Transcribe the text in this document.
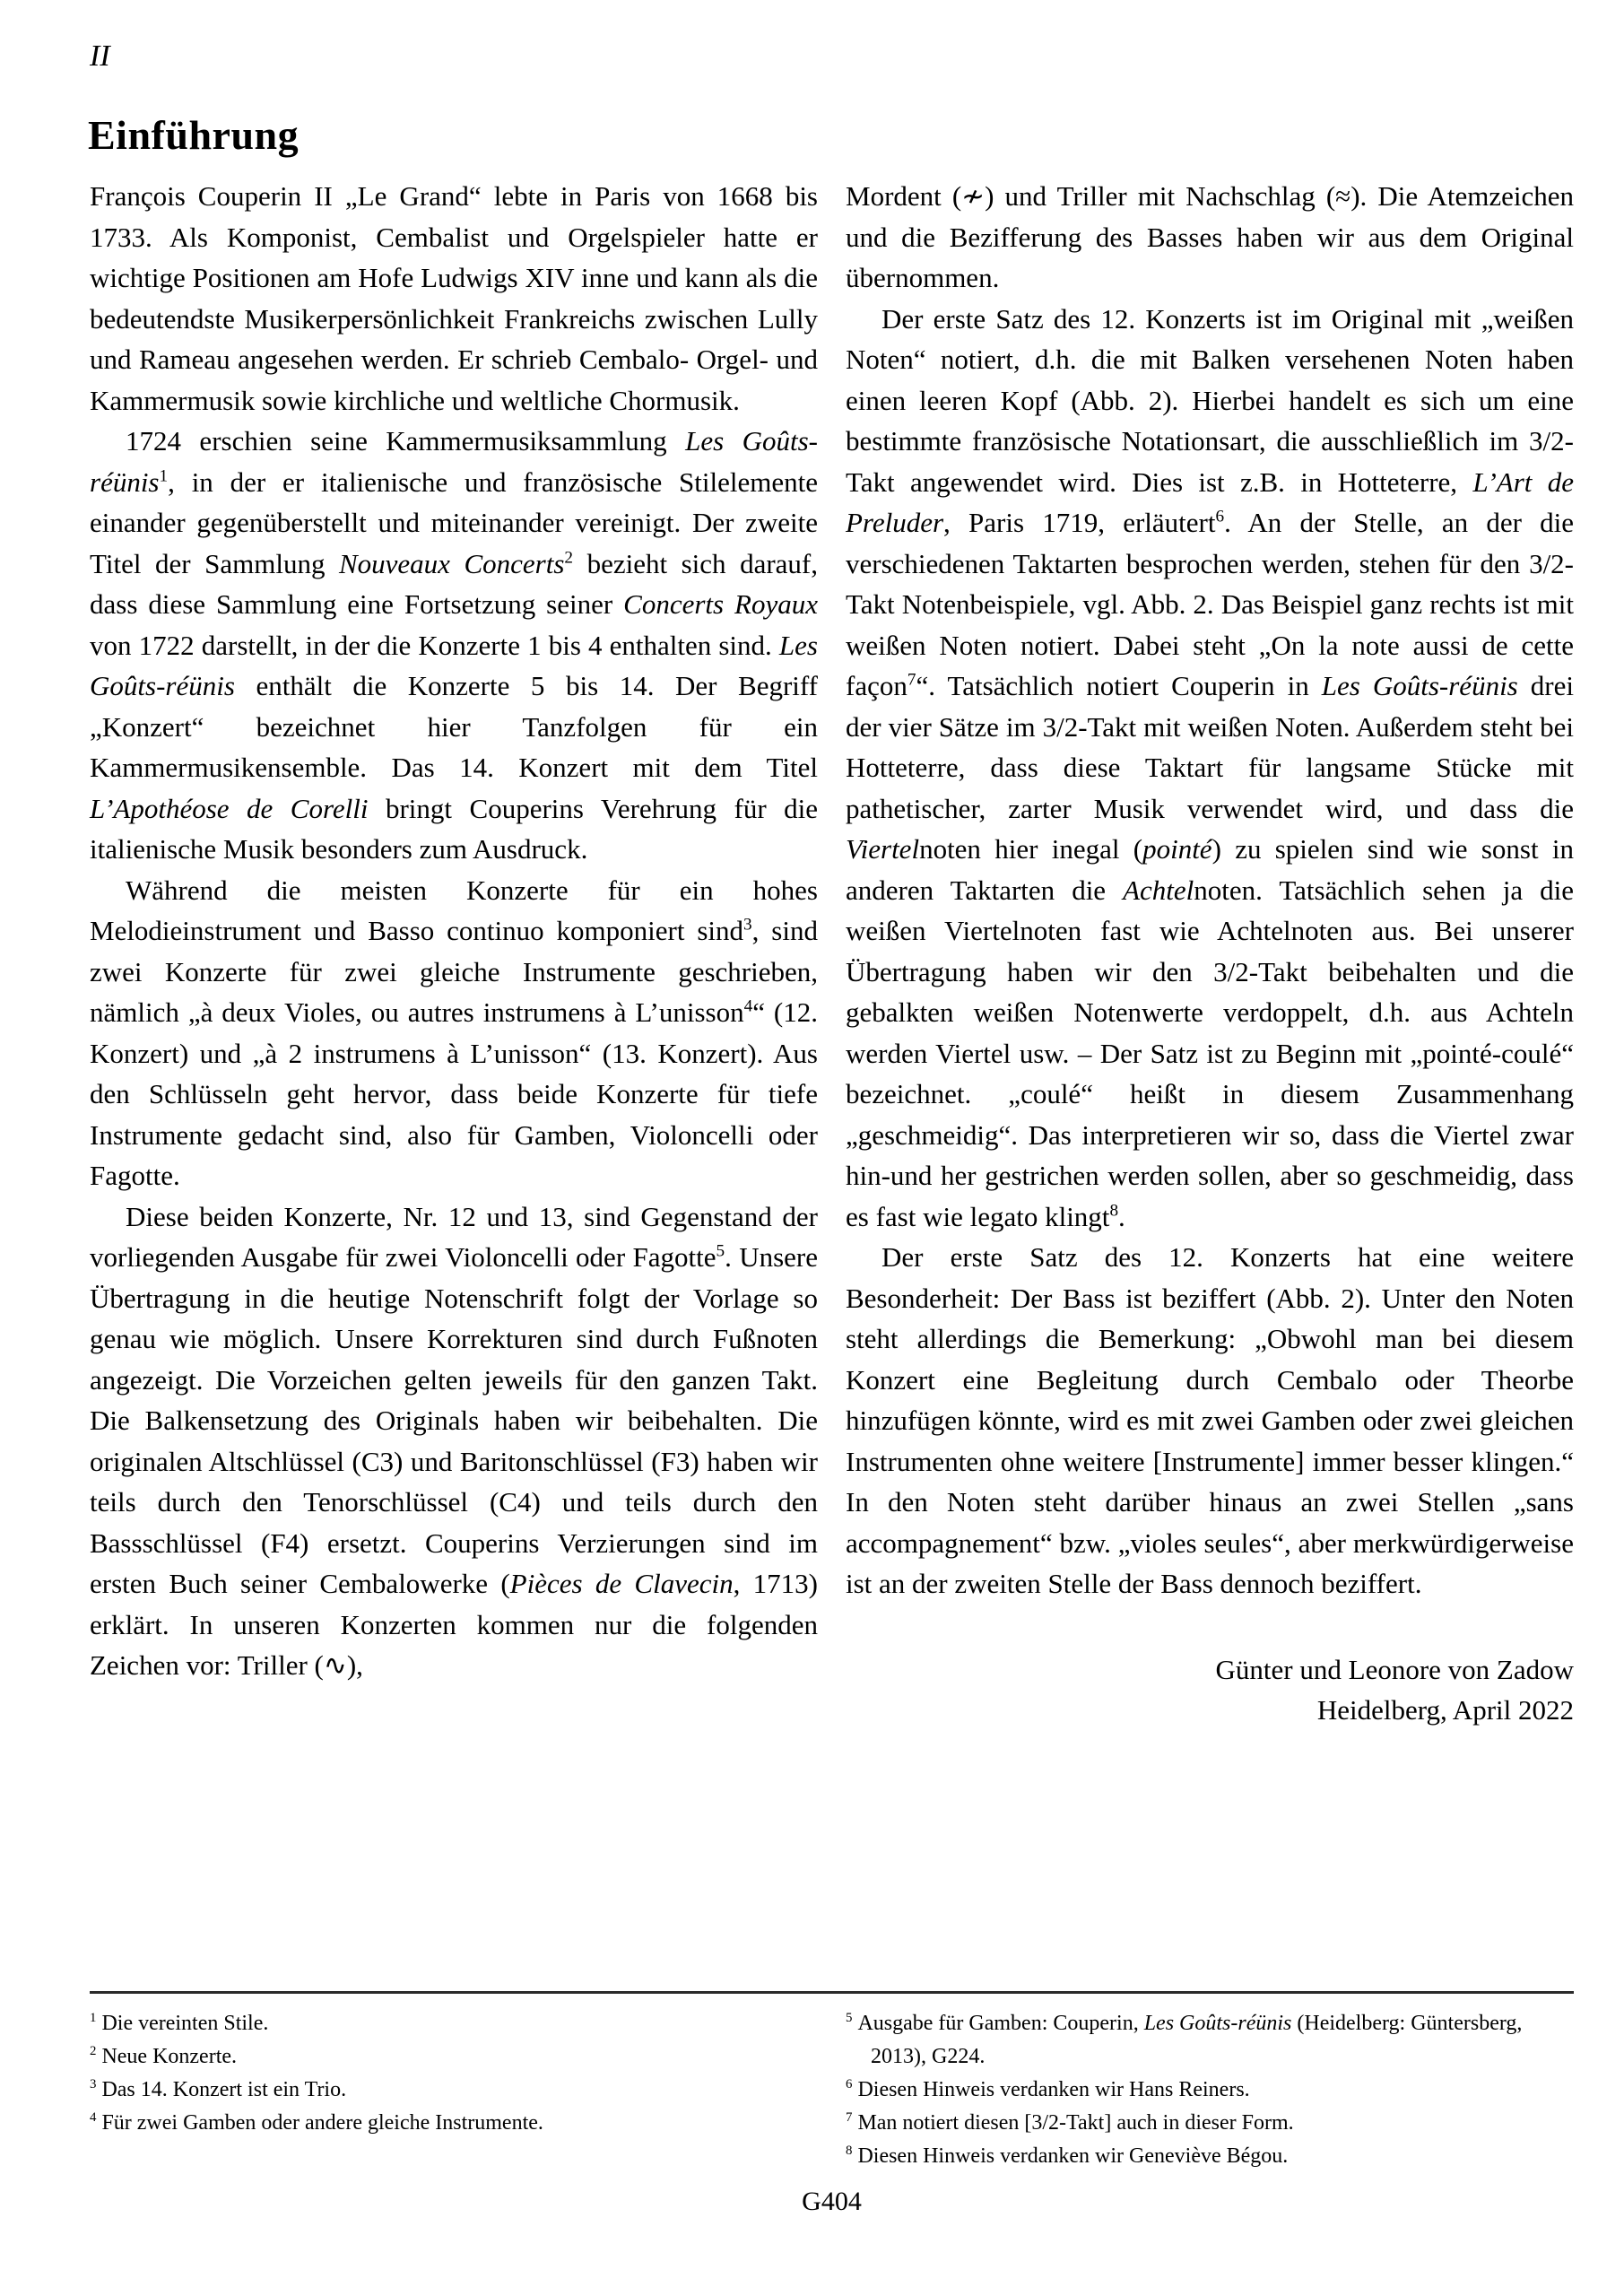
II
Einführung

François Couperin II „Le Grand“ lebte in Paris von 1668 bis 1733. Als Komponist, Cembalist und Orgelspieler hatte er wichtige Positionen am Hofe Ludwigs XIV inne und kann als die bedeutendste Musikerpersönlichkeit Frankreichs zwischen Lully und Rameau angesehen werden. Er schrieb Cembalo- Orgel- und Kammermusik sowie kirchliche und weltliche Chormusik.

1724 erschien seine Kammermusiksammlung Les Goûts-réünis$^1$, in der er italienische und französische Stilelemente einander gegenüberstellt und miteinander vereinigt. Der zweite Titel der Sammlung Nouveaux Concerts$^2$ bezieht sich darauf, dass diese Sammlung eine Fortsetzung seiner Concerts Royaux von 1722 darstellt, in der die Konzerte 1 bis 4 enthalten sind. Les Goûts-réünis enthält die Konzerte 5 bis 14. Der Begriff „Konzert“ bezeichnet hier Tanzfolgen für ein Kammermusikensemble. Das 14. Konzert mit dem Titel L’Apothéose de Corelli bringt Couperins Verehrung für die italienische Musik besonders zum Ausdruck.

Während die meisten Konzerte für ein hohes Melodieinstrument und Basso continuo komponiert sind$^3$, sind zwei Konzerte für zwei gleiche Instrumente geschrieben, nämlich „à deux Violes, ou autres instrumens à L’unisson$^4$“ (12. Konzert) und „à 2 instrumens à L’unisson“ (13. Konzert). Aus den Schlüsseln geht hervor, dass beide Konzerte für tiefe Instrumente gedacht sind, also für Gamben, Violoncelli oder Fagotte.

Diese beiden Konzerte, Nr. 12 und 13, sind Gegenstand der vorliegenden Ausgabe für zwei Violoncelli oder Fagotte$^5$. Unsere Übertragung in die heutige Notenschrift folgt der Vorlage so genau wie möglich. Unsere Korrekturen sind durch Fußnoten angezeigt. Die Vorzeichen gelten jeweils für den ganzen Takt. Die Balkensetzung des Originals haben wir beibehalten. Die originalen Altschlüssel (C3) und Baritonschlüssel (F3) haben wir teils durch den Tenorschlüssel (C4) und teils durch den Bassschlüssel (F4) ersetzt. Couperins Verzierungen sind im ersten Buch seiner Cembalowerke (Pièces de Clavecin, 1713) erklärt. In unseren Konzerten kommen nur die folgenden Zeichen vor: Triller (∿),

Mordent (≁) und Triller mit Nachschlag (≈). Die Atemzeichen und die Bezifferung des Basses haben wir aus dem Original übernommen.

Der erste Satz des 12. Konzerts ist im Original mit „weißen Noten“ notiert, d.h. die mit Balken versehenen Noten haben einen leeren Kopf (Abb. 2). Hierbei handelt es sich um eine bestimmte französische Notationsart, die ausschließlich im 3/2-Takt angewendet wird. Dies ist z.B. in Hotteterre, L’Art de Preluder, Paris 1719, erläutert$^6$. An der Stelle, an der die verschiedenen Taktarten besprochen werden, stehen für den 3/2-Takt Notenbeispiele, vgl. Abb. 2. Das Beispiel ganz rechts ist mit weißen Noten notiert. Dabei steht „On la note aussi de cette façon$^7$“. Tatsächlich notiert Couperin in Les Goûts-réünis drei der vier Sätze im 3/2-Takt mit weißen Noten. Außerdem steht bei Hotteterre, dass diese Taktart für langsame Stücke mit pathetischer, zarter Musik verwendet wird, und dass die Viertelnoten hier inegal (pointé) zu spielen sind wie sonst in anderen Taktarten die Achtelnoten. Tatsächlich sehen ja die weißen Viertelnoten fast wie Achtelnoten aus. Bei unserer Übertragung haben wir den 3/2-Takt beibehalten und die gebalkten weißen Notenwerte verdoppelt, d.h. aus Achteln werden Viertel usw. – Der Satz ist zu Beginn mit „pointé-coulé“ bezeichnet. „coulé“ heißt in diesem Zusammenhang „geschmeidig“. Das interpretieren wir so, dass die Viertel zwar hin-und her gestrichen werden sollen, aber so geschmeidig, dass es fast wie legato klingt$^8$.

Der erste Satz des 12. Konzerts hat eine weitere Besonderheit: Der Bass ist beziffert (Abb. 2). Unter den Noten steht allerdings die Bemerkung: „Obwohl man bei diesem Konzert eine Begleitung durch Cembalo oder Theorbe hinzufügen könnte, wird es mit zwei Gamben oder zwei gleichen Instrumenten ohne weitere [Instrumente] immer besser klingen.“ In den Noten steht darüber hinaus an zwei Stellen „sans accompagnement“ bzw. „violes seules“, aber merkwürdigerweise ist an der zweiten Stelle der Bass dennoch beziffert.

Günter und Leonore von Zadow
Heidelberg, April 2022
$^1$ Die vereinten Stile.
$^2$ Neue Konzerte.
$^3$ Das 14. Konzert ist ein Trio.
$^4$ Für zwei Gamben oder andere gleiche Instrumente.
$^5$ Ausgabe für Gamben: Couperin, Les Goûts-réünis (Heidelberg: Güntersberg, 2013), G224.
$^6$ Diesen Hinweis verdanken wir Hans Reiners.
$^7$ Man notiert diesen [3/2-Takt] auch in dieser Form.
$^8$ Diesen Hinweis verdanken wir Geneviève Bégou.
G404
